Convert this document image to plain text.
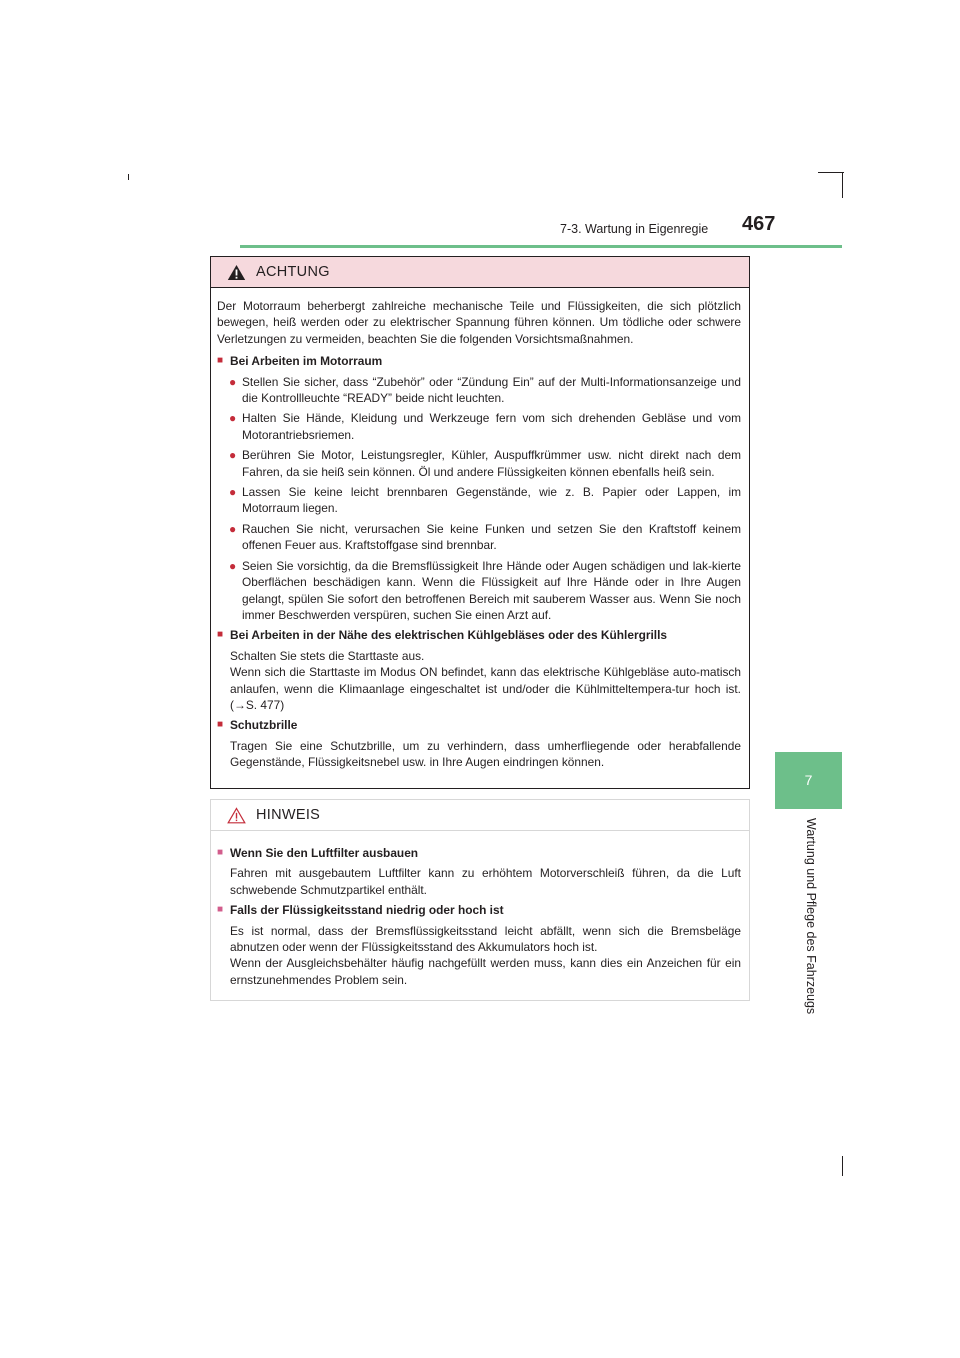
7-3. Wartung in Eigenregie 467
7
Wartung und Pflege des Fahrzeugs
ACHTUNG

Der Motorraum beherbergt zahlreiche mechanische Teile und Flüssigkeiten, die sich plötzlich bewegen, heiß werden oder zu elektrischer Spannung führen können. Um tödliche oder schwere Verletzungen zu vermeiden, beachten Sie die folgenden Vorsichtsmaßnahmen.

■ Bei Arbeiten im Motorraum
● Stellen Sie sicher, dass “Zubehör” oder “Zündung Ein” auf der Multi-Informationsanzeige und die Kontrollleuchte “READY” beide nicht leuchten.
● Halten Sie Hände, Kleidung und Werkzeuge fern vom sich drehenden Gebläse und vom Motorantriebsriemen.
● Berühren Sie Motor, Leistungsregler, Kühler, Auspuffkrümmer usw. nicht direkt nach dem Fahren, da sie heiß sein können. Öl und andere Flüssigkeiten können ebenfalls heiß sein.
● Lassen Sie keine leicht brennbaren Gegenstände, wie z. B. Papier oder Lappen, im Motorraum liegen.
● Rauchen Sie nicht, verursachen Sie keine Funken und setzen Sie den Kraftstoff keinem offenen Feuer aus. Kraftstoffgase sind brennbar.
● Seien Sie vorsichtig, da die Bremsflüssigkeit Ihre Hände oder Augen schädigen und lak-kierte Oberflächen beschädigen kann. Wenn die Flüssigkeit auf Ihre Hände oder in Ihre Augen gelangt, spülen Sie sofort den betroffenen Bereich mit sauberem Wasser aus. Wenn Sie noch immer Beschwerden verspüren, suchen Sie einen Arzt auf.
■ Bei Arbeiten in der Nähe des elektrischen Kühlgebläses oder des Kühlergrills
Schalten Sie stets die Starttaste aus.
Wenn sich die Starttaste im Modus ON befindet, kann das elektrische Kühlgebläse auto-matisch anlaufen, wenn die Klimaanlage eingeschaltet ist und/oder die Kühlmitteltempera-tur hoch ist. (→S. 477)
■ Schutzbrille
Tragen Sie eine Schutzbrille, um zu verhindern, dass umherfliegende oder herabfallende Gegenstände, Flüssigkeitsnebel usw. in Ihre Augen eindringen können.
HINWEIS
■ Wenn Sie den Luftfilter ausbauen
Fahren mit ausgebautem Luftfilter kann zu erhöhtem Motorverschleiß führen, da die Luft schwebende Schmutzpartikel enthält.
■ Falls der Flüssigkeitsstand niedrig oder hoch ist
Es ist normal, dass der Bremsflüssigkeitsstand leicht abfällt, wenn sich die Bremsbeläge abnutzen oder wenn der Flüssigkeitsstand des Akkumulators hoch ist.
Wenn der Ausgleichsbehälter häufig nachgefüllt werden muss, kann dies ein Anzeichen für ein ernstzunehmendes Problem sein.
